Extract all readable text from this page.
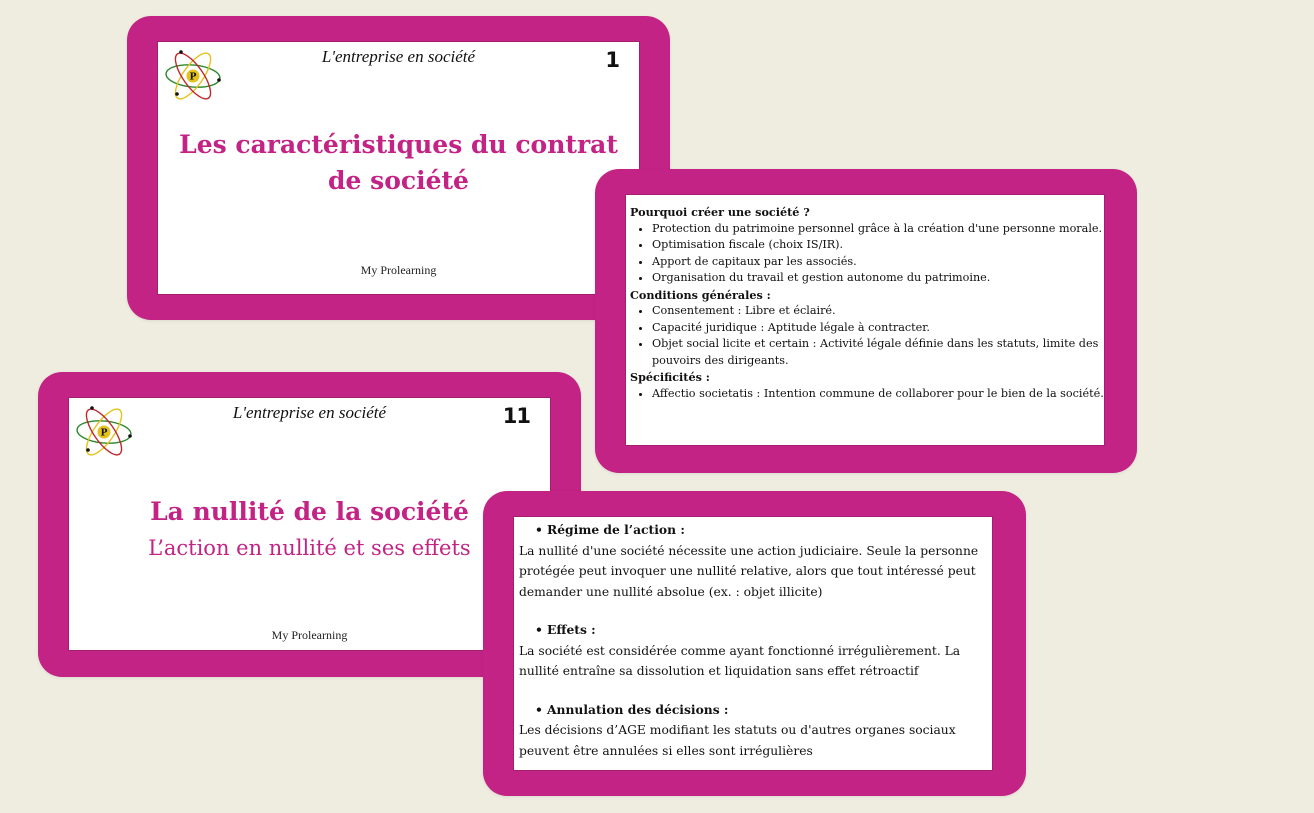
P
L'entreprise en société	1
Les caractéristiques du contrat
de société
My Prolearning
P
L'entreprise en société	11
La nullité de la société
L’action en nullité et ses effets
My Prolearning
Pourquoi créer une société ?
• Protection du patrimoine personnel grâce à la création d'une personne morale.
• Optimisation fiscale (choix IS/IR).
• Apport de capitaux par les associés.
• Organisation du travail et gestion autonome du patrimoine.
Conditions générales :
• Consentement : Libre et éclairé.
• Capacité juridique : Aptitude légale à contracter.
• Objet social licite et certain : Activité légale définie dans les statuts, limite des pouvoirs des dirigeants.
Spécificités :
• Affectio societatis : Intention commune de collaborer pour le bien de la société.
• Régime de l’action :
La nullité d'une société nécessite une action judiciaire. Seule la personne protégée peut invoquer une nullité relative, alors que tout intéressé peut demander une nullité absolue (ex. : objet illicite)
• Effets :
La société est considérée comme ayant fonctionné irrégulièrement. La nullité entraîne sa dissolution et liquidation sans effet rétroactif
• Annulation des décisions :
Les décisions d’AGE modifiant les statuts ou d'autres organes sociaux peuvent être annulées si elles sont irrégulières
